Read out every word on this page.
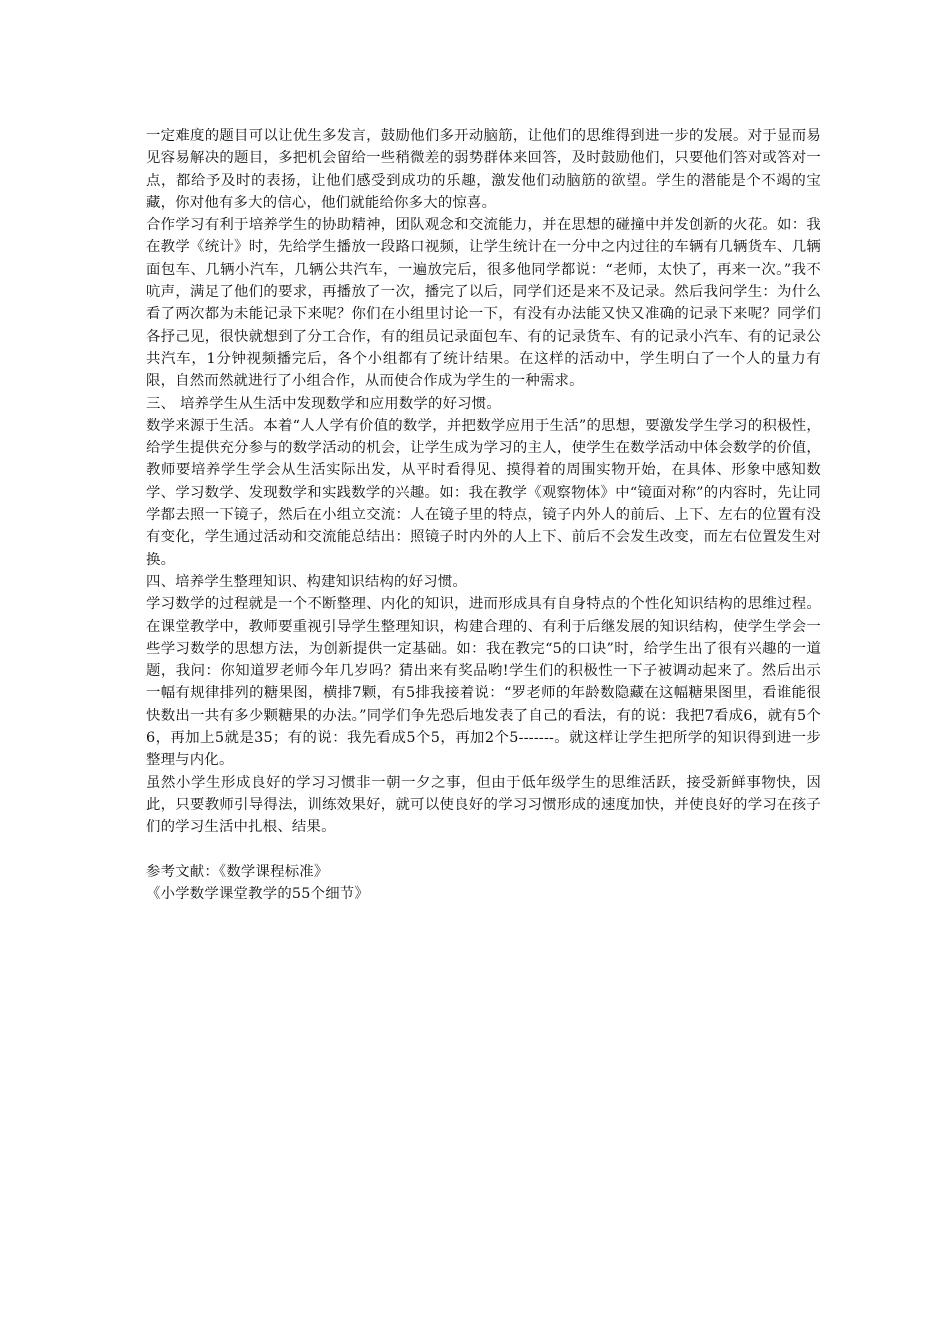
一定难度的题目可以让优生多发言，鼓励他们多开动脑筋，让他们的思维得到进一步的发展。对于显而易见容易解决的题目，多把机会留给一些稍微差的弱势群体来回答，及时鼓励他们，只要他们答对或答对一点，都给予及时的表扬，让他们感受到成功的乐趣，激发他们动脑筋的欲望。学生的潜能是个不竭的宝藏，你对他有多大的信心，他们就能给你多大的惊喜。

合作学习有利于培养学生的协助精神，团队观念和交流能力，并在思想的碰撞中并发创新的火花。如：我在教学《统计》时，先给学生播放一段路口视频，让学生统计在一分中之内过往的车辆有几辆货车、几辆面包车、几辆小汽车，几辆公共汽车，一遍放完后，很多他同学都说：“老师，太快了，再来一次。”我不吭声，满足了他们的要求，再播放了一次，播完了以后，同学们还是来不及记录。然后我问学生：为什么看了两次都为未能记录下来呢？你们在小组里讨论一下，有没有办法能又快又准确的记录下来呢？同学们各抒己见，很快就想到了分工合作，有的组员记录面包车、有的记录货车、有的记录小汽车、有的记录公共汽车，1分钟视频播完后，各个小组都有了统计结果。在这样的活动中，学生明白了一个人的量力有限，自然而然就进行了小组合作，从而使合作成为学生的一种需求。

三、 培养学生从生活中发现数学和应用数学的好习惯。

数学来源于生活。本着“人人学有价值的数学，并把数学应用于生活”的思想，要激发学生学习的积极性，给学生提供充分参与的数学活动的机会，让学生成为学习的主人，使学生在数学活动中体会数学的价值，教师要培养学生学会从生活实际出发，从平时看得见、摸得着的周围实物开始，在具体、形象中感知数学、学习数学、发现数学和实践数学的兴趣。如：我在教学《观察物体》中“镜面对称”的内容时，先让同学都去照一下镜子，然后在小组立交流：人在镜子里的特点，镜子内外人的前后、上下、左右的位置有没有变化，学生通过活动和交流能总结出：照镜子时内外的人上下、前后不会发生改变，而左右位置发生对换。

四、培养学生整理知识、构建知识结构的好习惯。

学习数学的过程就是一个不断整理、内化的知识，进而形成具有自身特点的个性化知识结构的思维过程。在课堂教学中，教师要重视引导学生整理知识，构建合理的、有利于后继发展的知识结构，使学生学会一些学习数学的思想方法，为创新提供一定基础。如：我在教完“5的口诀”时，给学生出了很有兴趣的一道题，我问：你知道罗老师今年几岁吗？猜出来有奖品哟!学生们的积极性一下子被调动起来了。然后出示一幅有规律排列的糖果图，横排7颗，有5排我接着说：“罗老师的年龄数隐藏在这幅糖果图里，看谁能很快数出一共有多少颗糖果的办法。”同学们争先恐后地发表了自己的看法，有的说：我把7看成6，就有5个6，再加上5就是35；有的说：我先看成5个5，再加2个5-------。就这样让学生把所学的知识得到进一步整理与内化。

虽然小学生形成良好的学习习惯非一朝一夕之事，但由于低年级学生的思维活跃，接受新鲜事物快，因此，只要教师引导得法，训练效果好，就可以使良好的学习习惯形成的速度加快，并使良好的学习在孩子们的学习生活中扎根、结果。

参考文献：《数学课程标准》

《小学数学课堂教学的55个细节》
